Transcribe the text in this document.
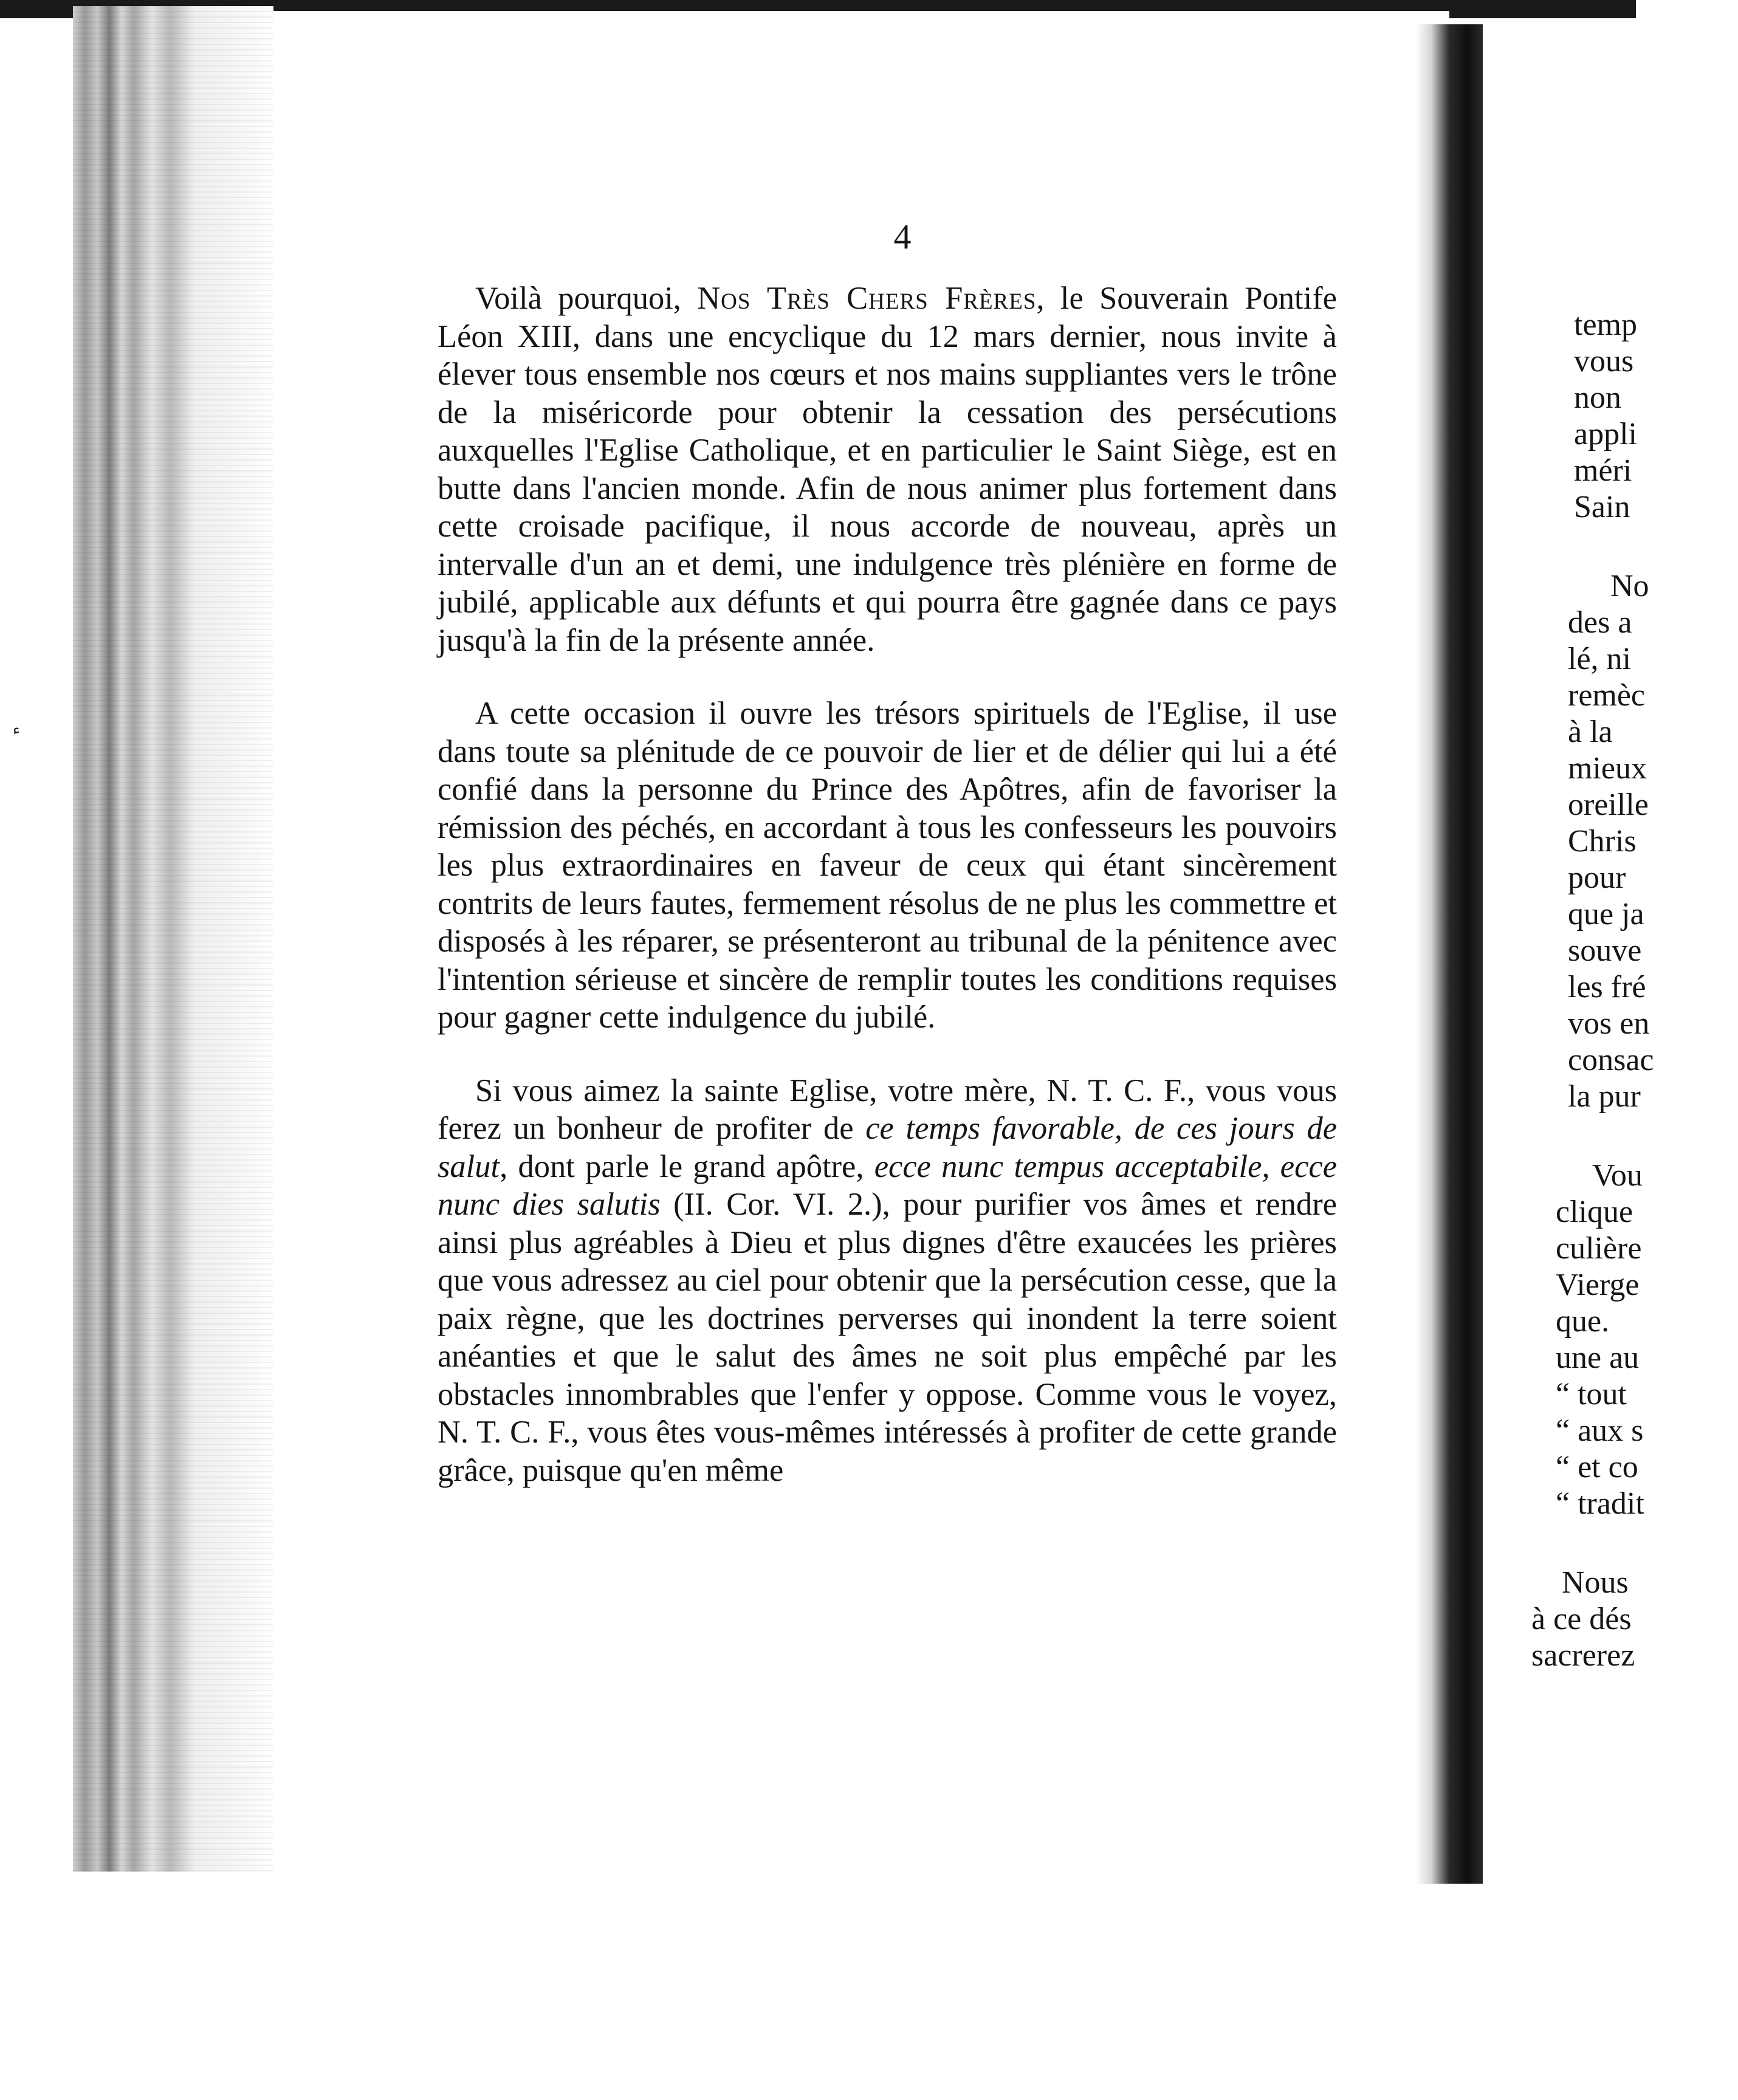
4

Voilà pourquoi, Nos Très Chers Frères, le Souverain Pontife Léon XIII, dans une encyclique du 12 mars dernier, nous invite à élever tous ensemble nos cœurs et nos mains suppliantes vers le trône de la miséricorde pour obtenir la cessation des persécutions auxquelles l'Eglise Catholique, et en particulier le Saint Siège, est en butte dans l'ancien monde. Afin de nous animer plus fortement dans cette croisade pacifique, il nous accorde de nouveau, après un intervalle d'un an et demi, une indulgence très plénière en forme de jubilé, applicable aux défunts et qui pourra être gagnée dans ce pays jusqu'à la fin de la présente année.

A cette occasion il ouvre les trésors spirituels de l'Eglise, il use dans toute sa plénitude de ce pouvoir de lier et de délier qui lui a été confié dans la personne du Prince des Apôtres, afin de favoriser la rémission des péchés, en accordant à tous les confesseurs les pouvoirs les plus extraordinaires en faveur de ceux qui étant sincèrement contrits de leurs fautes, fermement résolus de ne plus les commettre et disposés à les réparer, se présenteront au tribunal de la pénitence avec l'intention sérieuse et sincère de remplir toutes les conditions requises pour gagner cette indulgence du jubilé.

Si vous aimez la sainte Eglise, votre mère, N. T. C. F., vous vous ferez un bonheur de profiter de ce temps favorable, de ces jours de salut, dont parle le grand apôtre, ecce nunc tempus acceptabile, ecce nunc dies salutis (II. Cor. VI. 2.), pour purifier vos âmes et rendre ainsi plus agréables à Dieu et plus dignes d'être exaucées les prières que vous adressez au ciel pour obtenir que la persécution cesse, que la paix règne, que les doctrines perverses qui inondent la terre soient anéanties et que le salut des âmes ne soit plus empêché par les obstacles innombrables que l'enfer y oppose. Comme vous le voyez, N. T. C. F., vous êtes vous-mêmes intéressés à profiter de cette grande grâce, puisque qu'en même

temp
vous
non
appli
méri
Sain
No
des a
lé, ni
remèc
à la
mieux
oreille
Chris
pour
que ja
souve
les fré
vos en
consac
la pur
Vou
clique
culière
Vierge
que.
une au
“ tout
“ aux s
“ et co
“ tradit
Nous
à ce dés
sacrerez
ٴ
